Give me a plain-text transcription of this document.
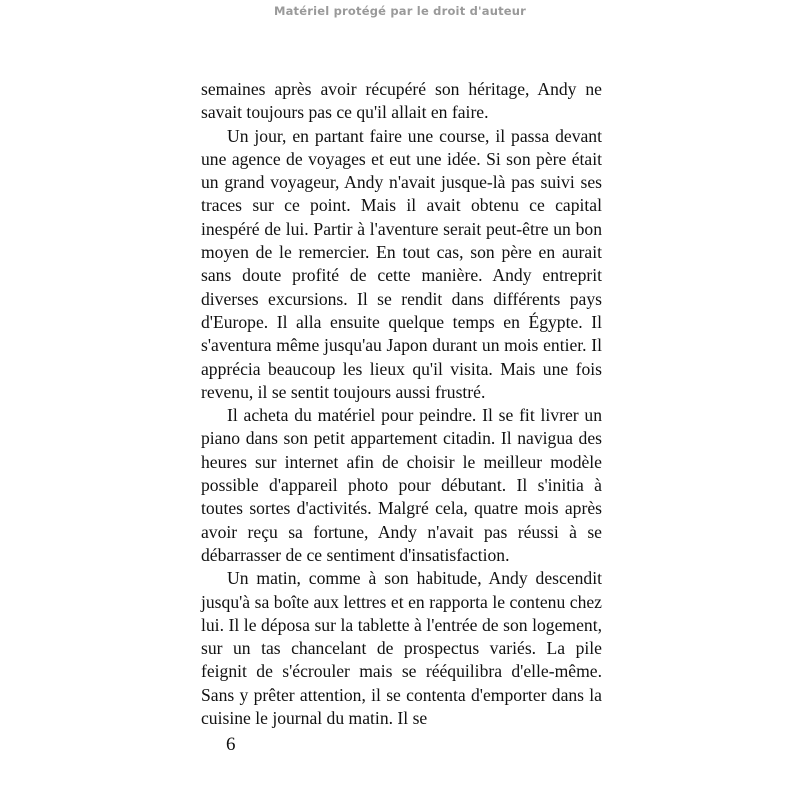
Matériel protégé par le droit d'auteur

semaines après avoir récupéré son héritage, Andy ne savait toujours pas ce qu'il allait en faire.

Un jour, en partant faire une course, il passa devant une agence de voyages et eut une idée. Si son père était un grand voyageur, Andy n'avait jusque-là pas suivi ses traces sur ce point. Mais il avait obtenu ce capital inespéré de lui. Partir à l'aventure serait peut-être un bon moyen de le remercier. En tout cas, son père en aurait sans doute profité de cette manière. Andy entreprit diverses excursions. Il se rendit dans différents pays d'Europe. Il alla ensuite quelque temps en Égypte. Il s'aventura même jusqu'au Japon durant un mois entier. Il apprécia beaucoup les lieux qu'il visita. Mais une fois revenu, il se sentit toujours aussi frustré.

Il acheta du matériel pour peindre. Il se fit livrer un piano dans son petit appartement citadin. Il navigua des heures sur internet afin de choisir le meilleur modèle possible d'appareil photo pour débutant. Il s'initia à toutes sortes d'activités. Malgré cela, quatre mois après avoir reçu sa fortune, Andy n'avait pas réussi à se débarrasser de ce sentiment d'insatisfaction.

Un matin, comme à son habitude, Andy descendit jusqu'à sa boîte aux lettres et en rapporta le contenu chez lui. Il le déposa sur la tablette à l'entrée de son logement, sur un tas chancelant de prospectus variés. La pile feignit de s'écrouler mais se rééquilibra d'elle-même. Sans y prêter attention, il se contenta d'emporter dans la cuisine le journal du matin. Il se

6
